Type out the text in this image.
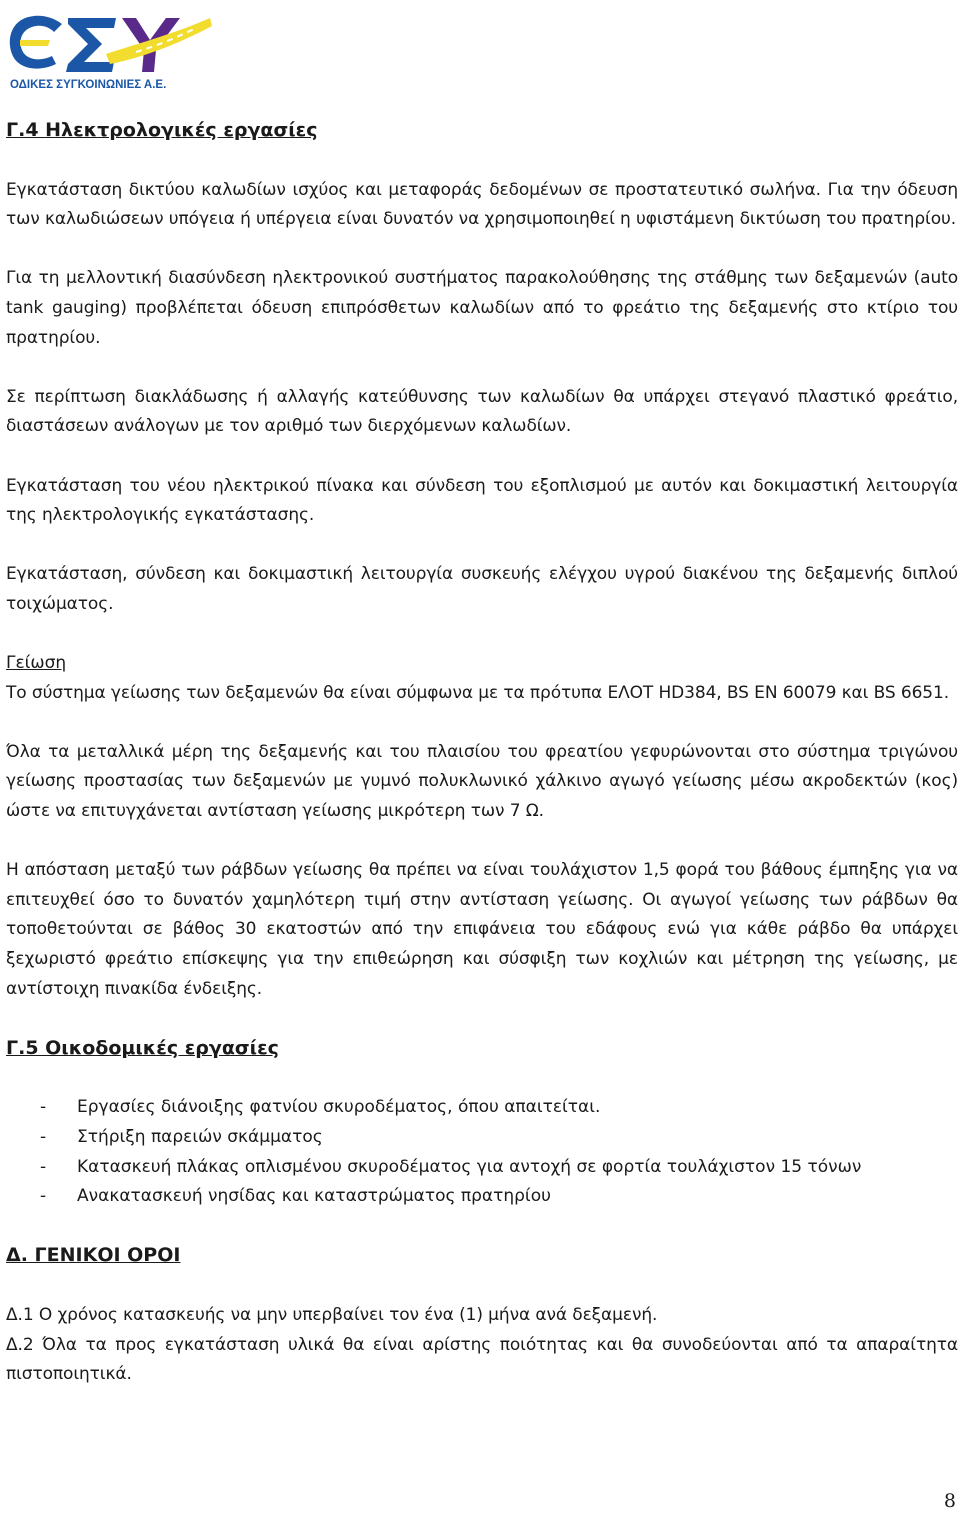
ΟΔΙΚΕΣ ΣΥΓΚΟΙΝΩΝΙΕΣ Α.Ε.
Γ.4 Ηλεκτρολογικές εργασίες

Εγκατάσταση δικτύου καλωδίων ισχύος και μεταφοράς δεδομένων σε προστατευτικό σωλήνα. Για την όδευση των καλωδιώσεων υπόγεια ή υπέργεια είναι δυνατόν να χρησιμοποιηθεί η υφιστάμενη δικτύωση του πρατηρίου.

Για τη μελλοντική διασύνδεση ηλεκτρονικού συστήματος παρακολούθησης της στάθμης των δεξαμενών (auto tank gauging) προβλέπεται όδευση επιπρόσθετων καλωδίων από το φρεάτιο της δεξαμενής στο κτίριο του πρατηρίου.

Σε περίπτωση διακλάδωσης ή αλλαγής κατεύθυνσης των καλωδίων θα υπάρχει στεγανό πλαστικό φρεάτιο, διαστάσεων ανάλογων με τον αριθμό των διερχόμενων καλωδίων.

Εγκατάσταση του νέου ηλεκτρικού πίνακα και σύνδεση του εξοπλισμού με αυτόν και δοκιμαστική λειτουργία της ηλεκτρολογικής εγκατάστασης.

Εγκατάσταση, σύνδεση και δοκιμαστική λειτουργία συσκευής ελέγχου υγρού διακένου της δεξαμενής διπλού τοιχώματος.

Γείωση

Το σύστημα γείωσης των δεξαμενών θα είναι σύμφωνα με τα πρότυπα ΕΛΟΤ HD384, BS EN 60079 και BS 6651.

Όλα τα μεταλλικά μέρη της δεξαμενής και του πλαισίου του φρεατίου γεφυρώνονται στο σύστημα τριγώνου γείωσης προστασίας των δεξαμενών με γυμνό πολυκλωνικό χάλκινο αγωγό γείωσης μέσω ακροδεκτών (κος) ώστε να επιτυγχάνεται αντίσταση γείωσης μικρότερη των 7 Ω.

Η απόσταση μεταξύ των ράβδων γείωσης θα πρέπει να είναι τουλάχιστον 1,5 φορά του βάθους έμπηξης για να επιτευχθεί όσο το δυνατόν χαμηλότερη τιμή στην αντίσταση γείωσης. Οι αγωγοί γείωσης των ράβδων θα τοποθετούνται σε βάθος 30 εκατοστών από την επιφάνεια του εδάφους ενώ για κάθε ράβδο θα υπάρχει ξεχωριστό φρεάτιο επίσκεψης για την επιθεώρηση και σύσφιξη των κοχλιών και μέτρηση της γείωσης, με αντίστοιχη πινακίδα ένδειξης.

Γ.5 Οικοδομικές εργασίες
- Εργασίες διάνοιξης φατνίου σκυροδέματος, όπου απαιτείται.
- Στήριξη παρειών σκάμματος
- Κατασκευή πλάκας οπλισμένου σκυροδέματος για αντοχή σε φορτία τουλάχιστον 15 τόνων
- Ανακατασκευή νησίδας και καταστρώματος πρατηρίου
Δ. ΓΕΝΙΚΟΙ ΟΡΟΙ

Δ.1 Ο χρόνος κατασκευής να μην υπερβαίνει τον ένα (1) μήνα ανά δεξαμενή.

Δ.2 Όλα τα προς εγκατάσταση υλικά θα είναι αρίστης ποιότητας και θα συνοδεύονται από τα απαραίτητα πιστοποιητικά.

8
